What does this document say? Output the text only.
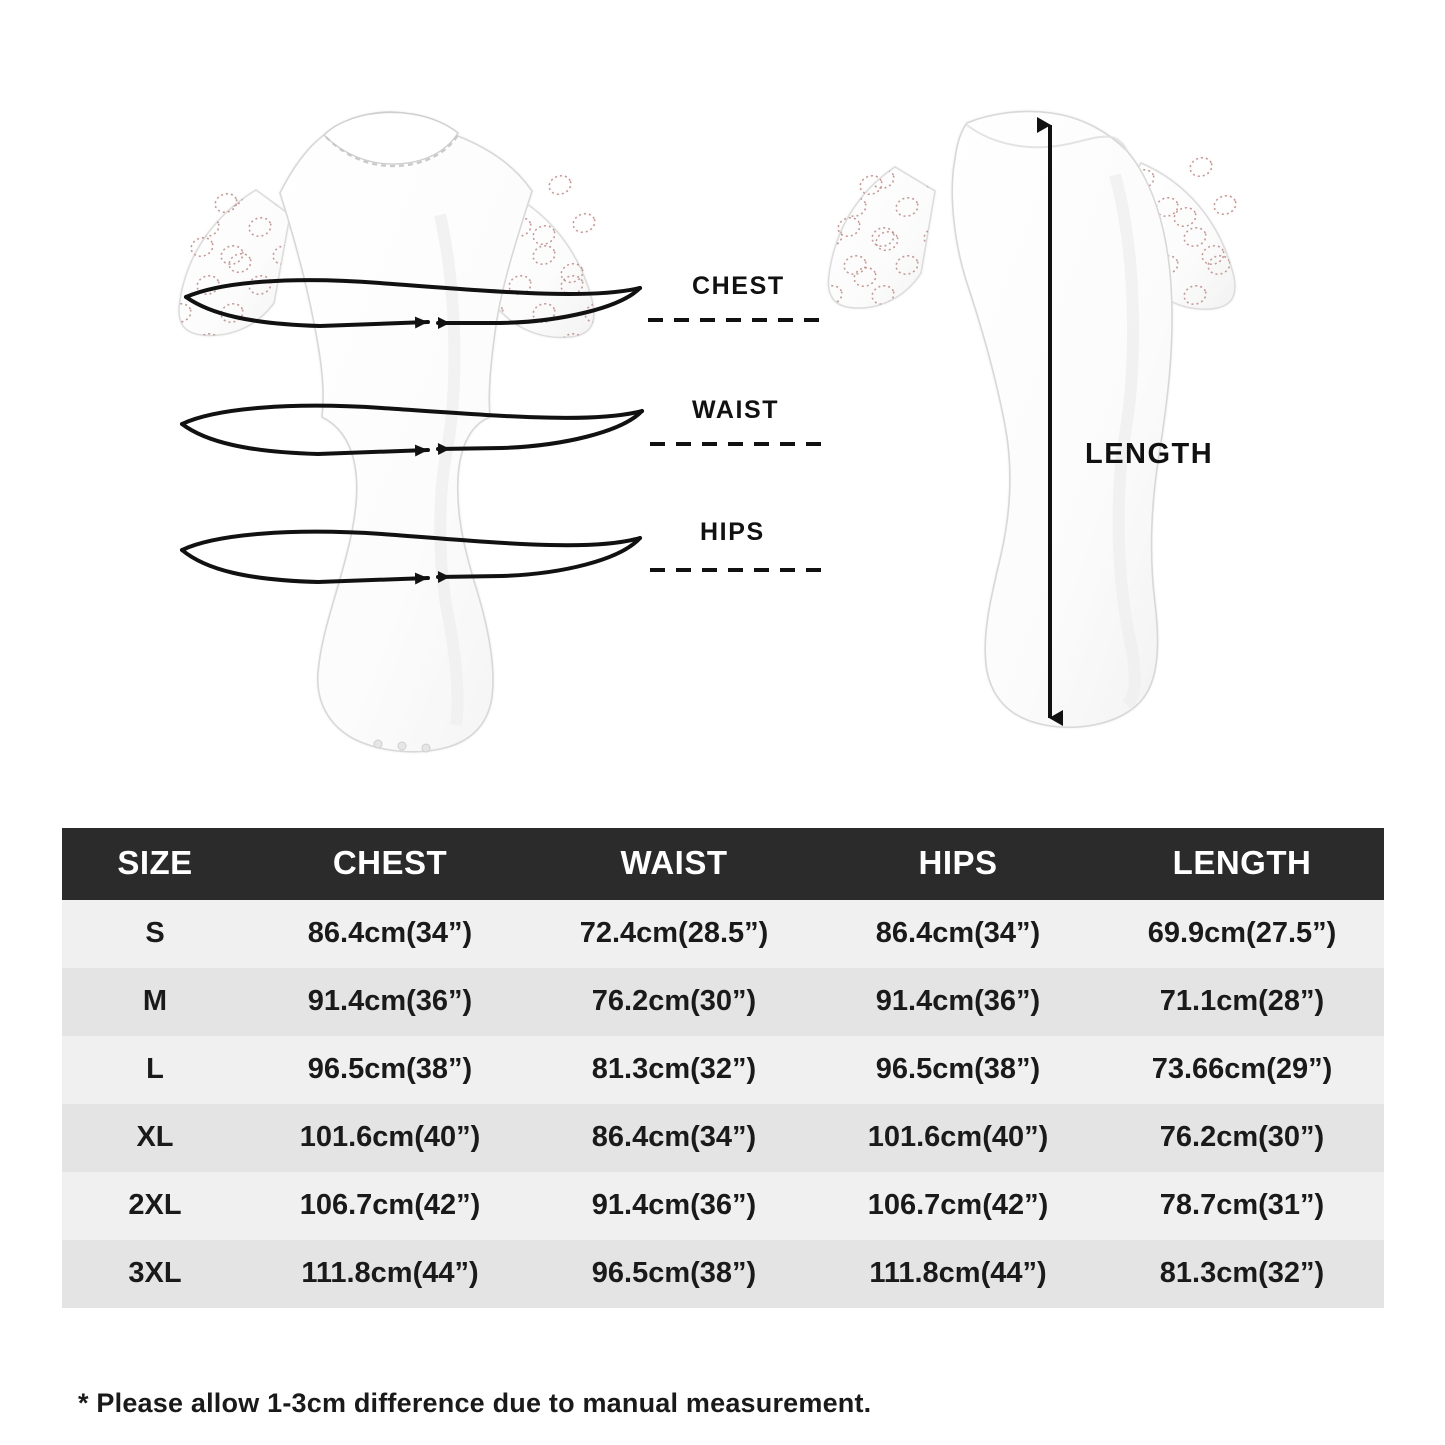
CHEST
WAIST
HIPS
LENGTH
SIZE	CHEST	WAIST	HIPS	LENGTH
S	86.4cm(34”)	72.4cm(28.5”)	86.4cm(34”)	69.9cm(27.5”)
M	91.4cm(36”)	76.2cm(30”)	91.4cm(36”)	71.1cm(28”)
L	96.5cm(38”)	81.3cm(32”)	96.5cm(38”)	73.66cm(29”)
XL	101.6cm(40”)	86.4cm(34”)	101.6cm(40”)	76.2cm(30”)
2XL	106.7cm(42”)	91.4cm(36”)	106.7cm(42”)	78.7cm(31”)
3XL	111.8cm(44”)	96.5cm(38”)	111.8cm(44”)	81.3cm(32”)
* Please allow 1-3cm difference due to manual measurement.
